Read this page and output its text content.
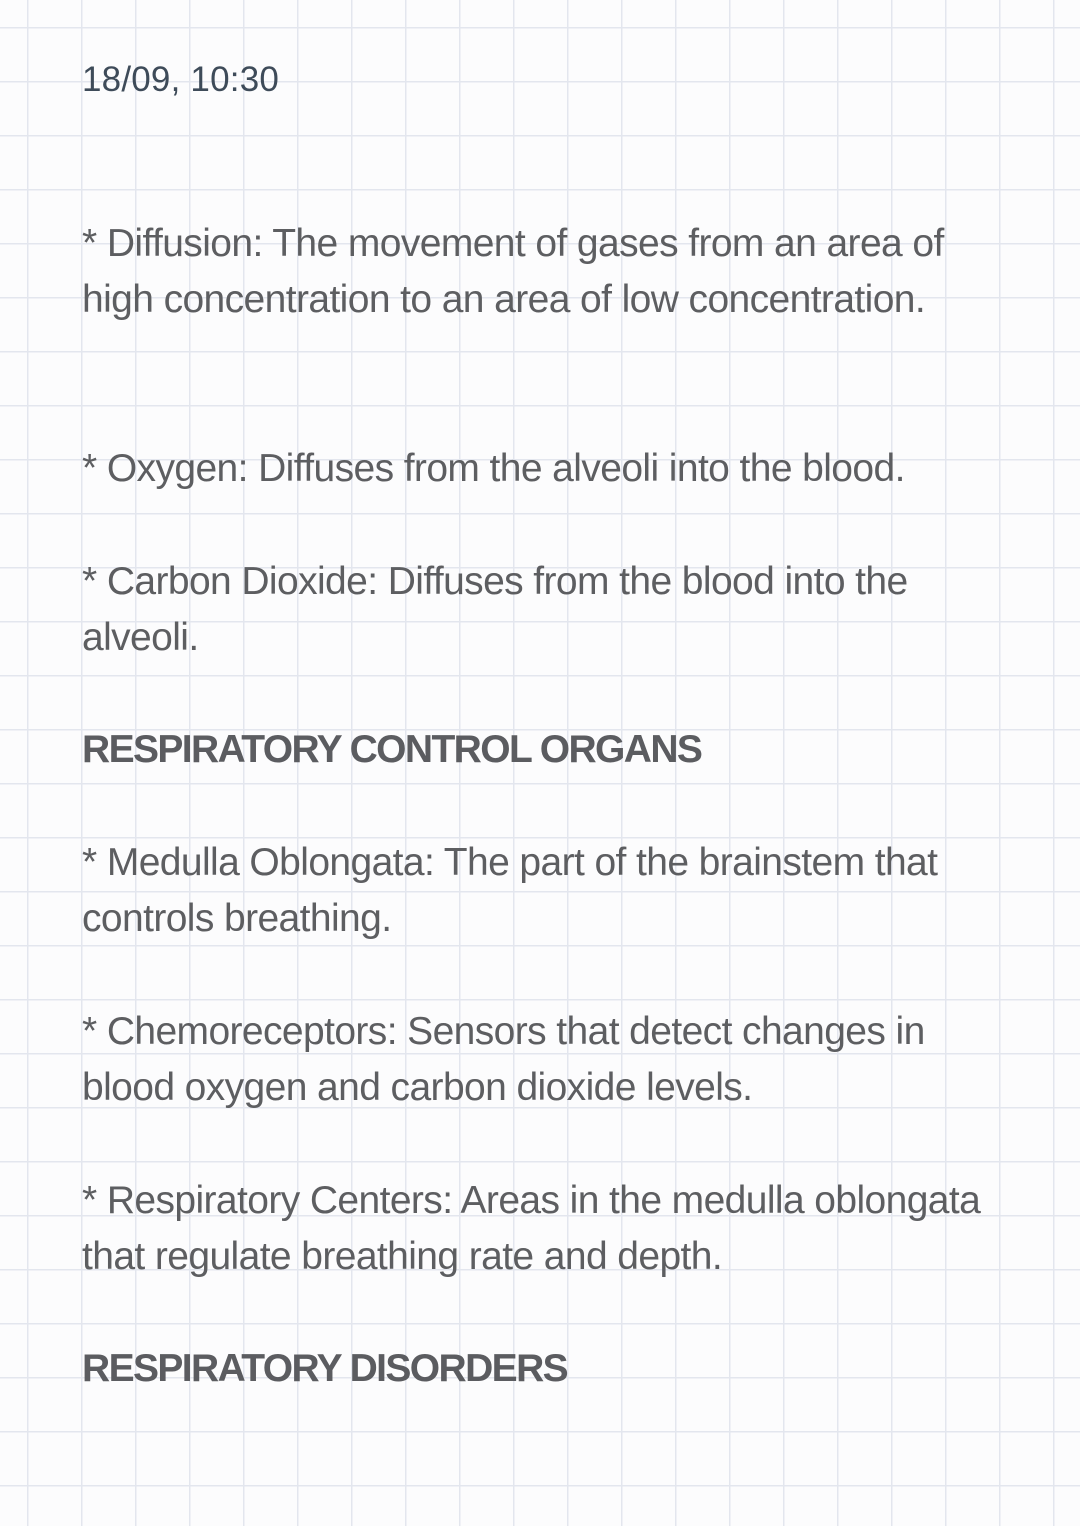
18/09, 10:30
* Diffusion: The movement of gases from an area of high concentration to an area of low concentration.
* Oxygen: Diffuses from the alveoli into the blood.
* Carbon Dioxide: Diffuses from the blood into the alveoli.
RESPIRATORY CONTROL ORGANS
* Medulla Oblongata: The part of the brainstem that controls breathing.
* Chemoreceptors: Sensors that detect changes in blood oxygen and carbon dioxide levels.
* Respiratory Centers: Areas in the medulla oblongata that regulate breathing rate and depth.
RESPIRATORY DISORDERS
